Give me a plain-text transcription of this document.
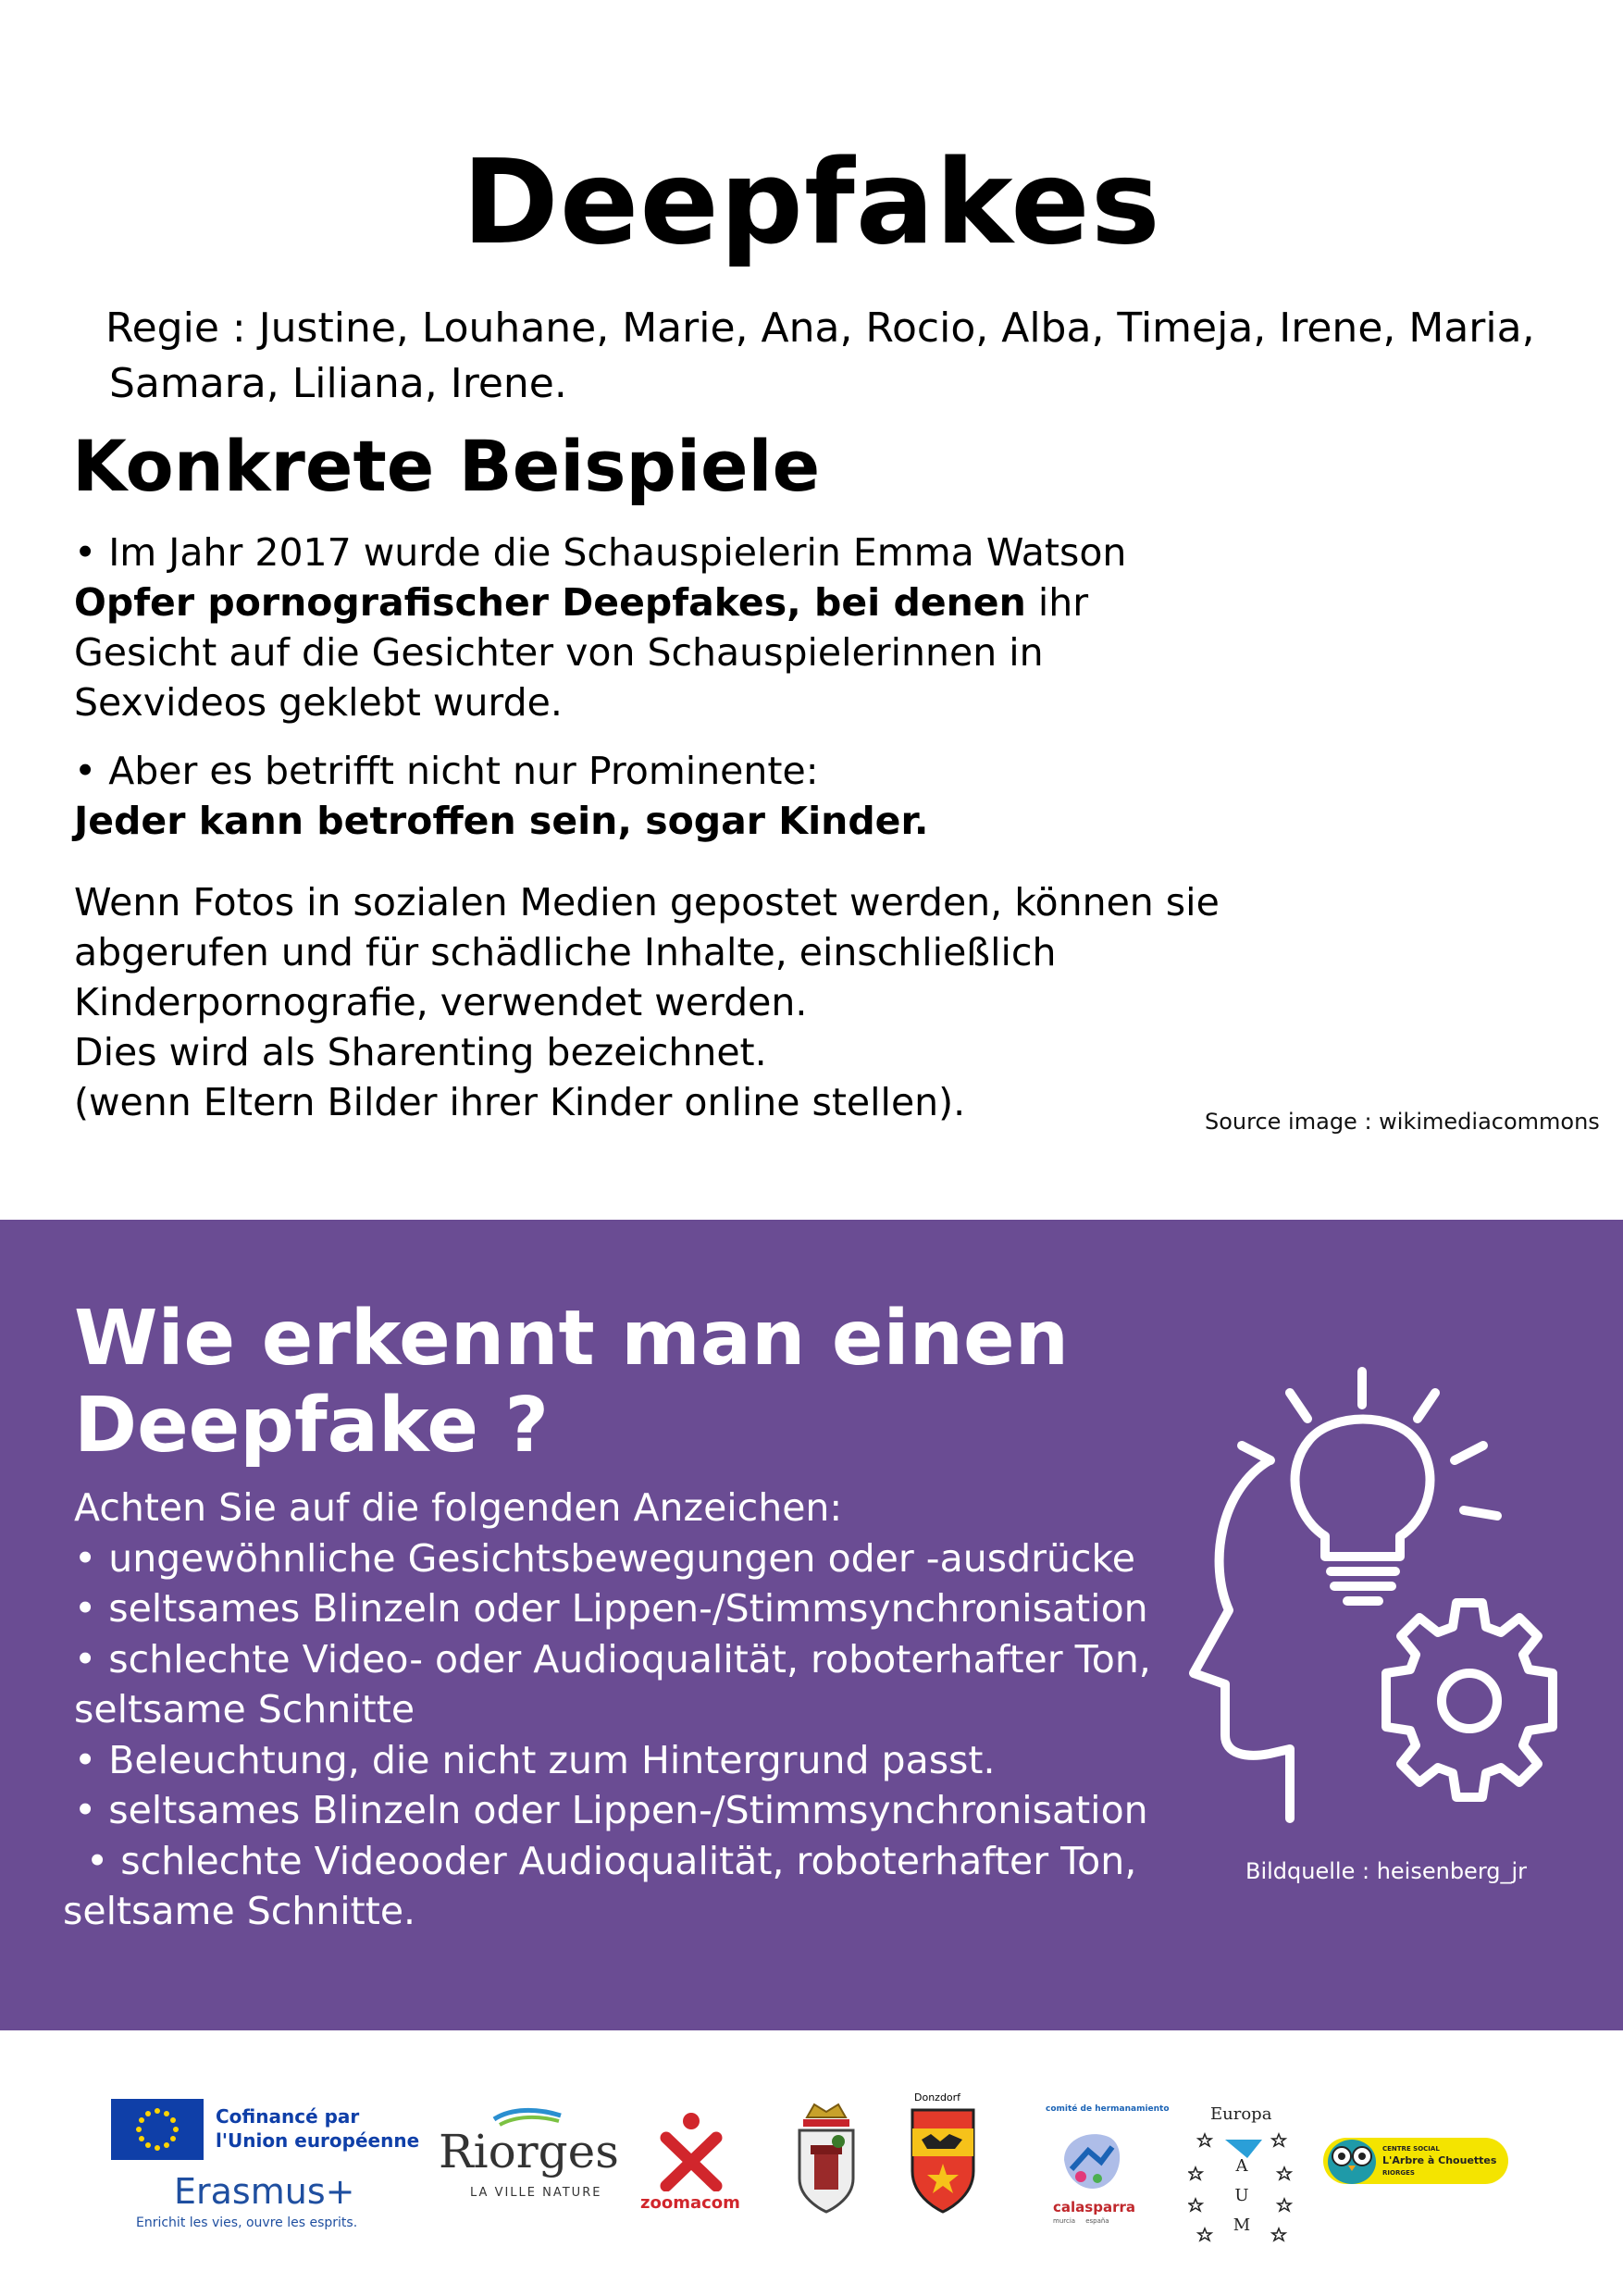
Deepfakes
Regie : Justine, Louhane, Marie, Ana, Rocio, Alba, Timeja, Irene, Maria,
Samara, Liliana, Irene.
Konkrete Beispiele
• Im Jahr 2017 wurde die Schauspielerin Emma Watson
Opfer pornografischer Deepfakes, bei denen ihr
Gesicht auf die Gesichter von Schauspielerinnen in
Sexvideos geklebt wurde.
• Aber es betrifft nicht nur Prominente:
Jeder kann betroffen sein, sogar Kinder.
Wenn Fotos in sozialen Medien gepostet werden, können sie
abgerufen und für schädliche Inhalte, einschließlich
Kinderpornografie, verwendet werden.
Dies wird als Sharenting bezeichnet.
(wenn Eltern Bilder ihrer Kinder online stellen).	Source image : wikimediacommons
Wie erkennt man einen
Deepfake ?
Achten Sie auf die folgenden Anzeichen:
• ungewöhnliche Gesichtsbewegungen oder -ausdrücke
• seltsames Blinzeln oder Lippen-/Stimmsynchronisation
• schlechte Video- oder Audioqualität, roboterhafter Ton,
seltsame Schnitte
• Beleuchtung, die nicht zum Hintergrund passt.
• seltsames Blinzeln oder Lippen-/Stimmsynchronisation
• schlechte Videooder Audioqualität, roboterhafter Ton,
seltsame Schnitte.
Bildquelle : heisenberg_jr
Cofinancé par
l'Union européenne
Erasmus+
Enrichit les vies, ouvre les esprits.
Riorges
LA VILLE NATURE
zoomacom
Donzdorf
comité de hermanamiento
calasparra
murcia     españa
Europa
A
U
M
CENTRE SOCIAL
L'Arbre à Chouettes
RIORGES
